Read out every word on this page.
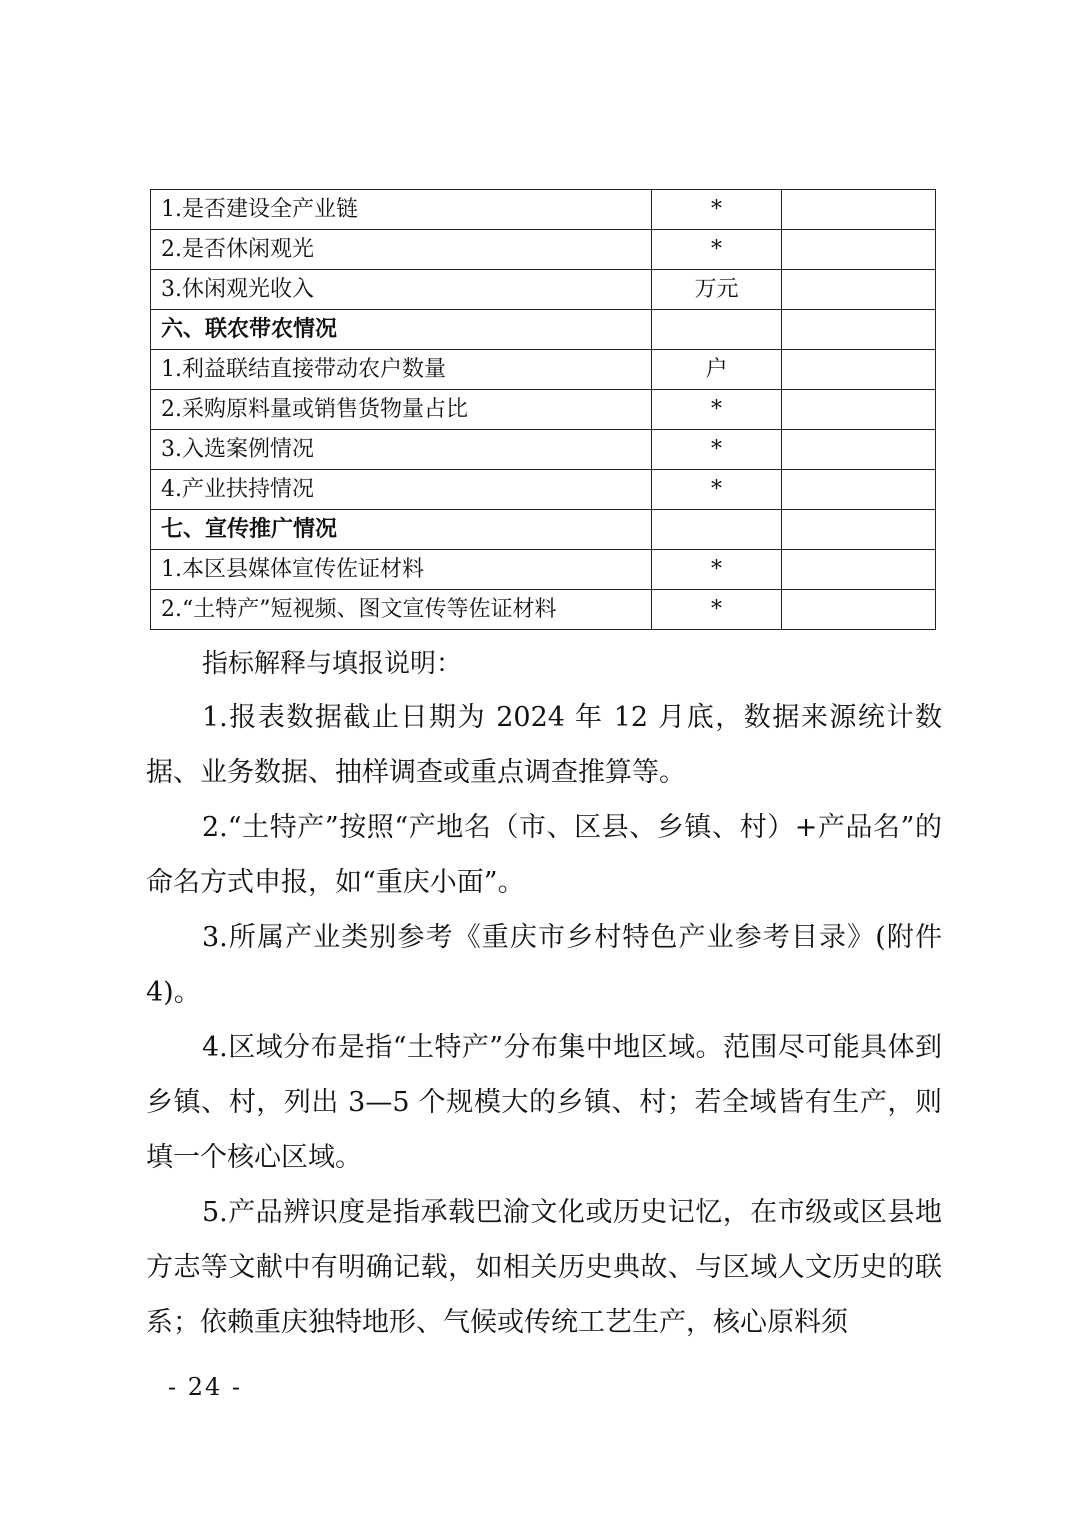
1.是否建设全产业链	*	
2.是否休闲观光	*	
3.休闲观光收入	万元	
六、联农带农情况		
1.利益联结直接带动农户数量	户	
2.采购原料量或销售货物量占比	*	
3.入选案例情况	*	
4.产业扶持情况	*	
七、宣传推广情况		
1.本区县媒体宣传佐证材料	*	
2.“土特产”短视频、图文宣传等佐证材料	*	
指标解释与填报说明：

1.报表数据截止日期为 2024 年 12 月底，数据来源统计数据、业务数据、抽样调查或重点调查推算等。

2.“土特产”按照“产地名（市、区县、乡镇、村）+产品名”的命名方式申报，如“重庆小面”。

3.所属产业类别参考《重庆市乡村特色产业参考目录》(附件 4)。

4.区域分布是指“土特产”分布集中地区域。范围尽可能具体到乡镇、村，列出 3—5 个规模大的乡镇、村；若全域皆有生产，则填一个核心区域。

5.产品辨识度是指承载巴渝文化或历史记忆，在市级或区县地方志等文献中有明确记载，如相关历史典故、与区域人文历史的联系；依赖重庆独特地形、气候或传统工艺生产，核心原料须

- 24 -
